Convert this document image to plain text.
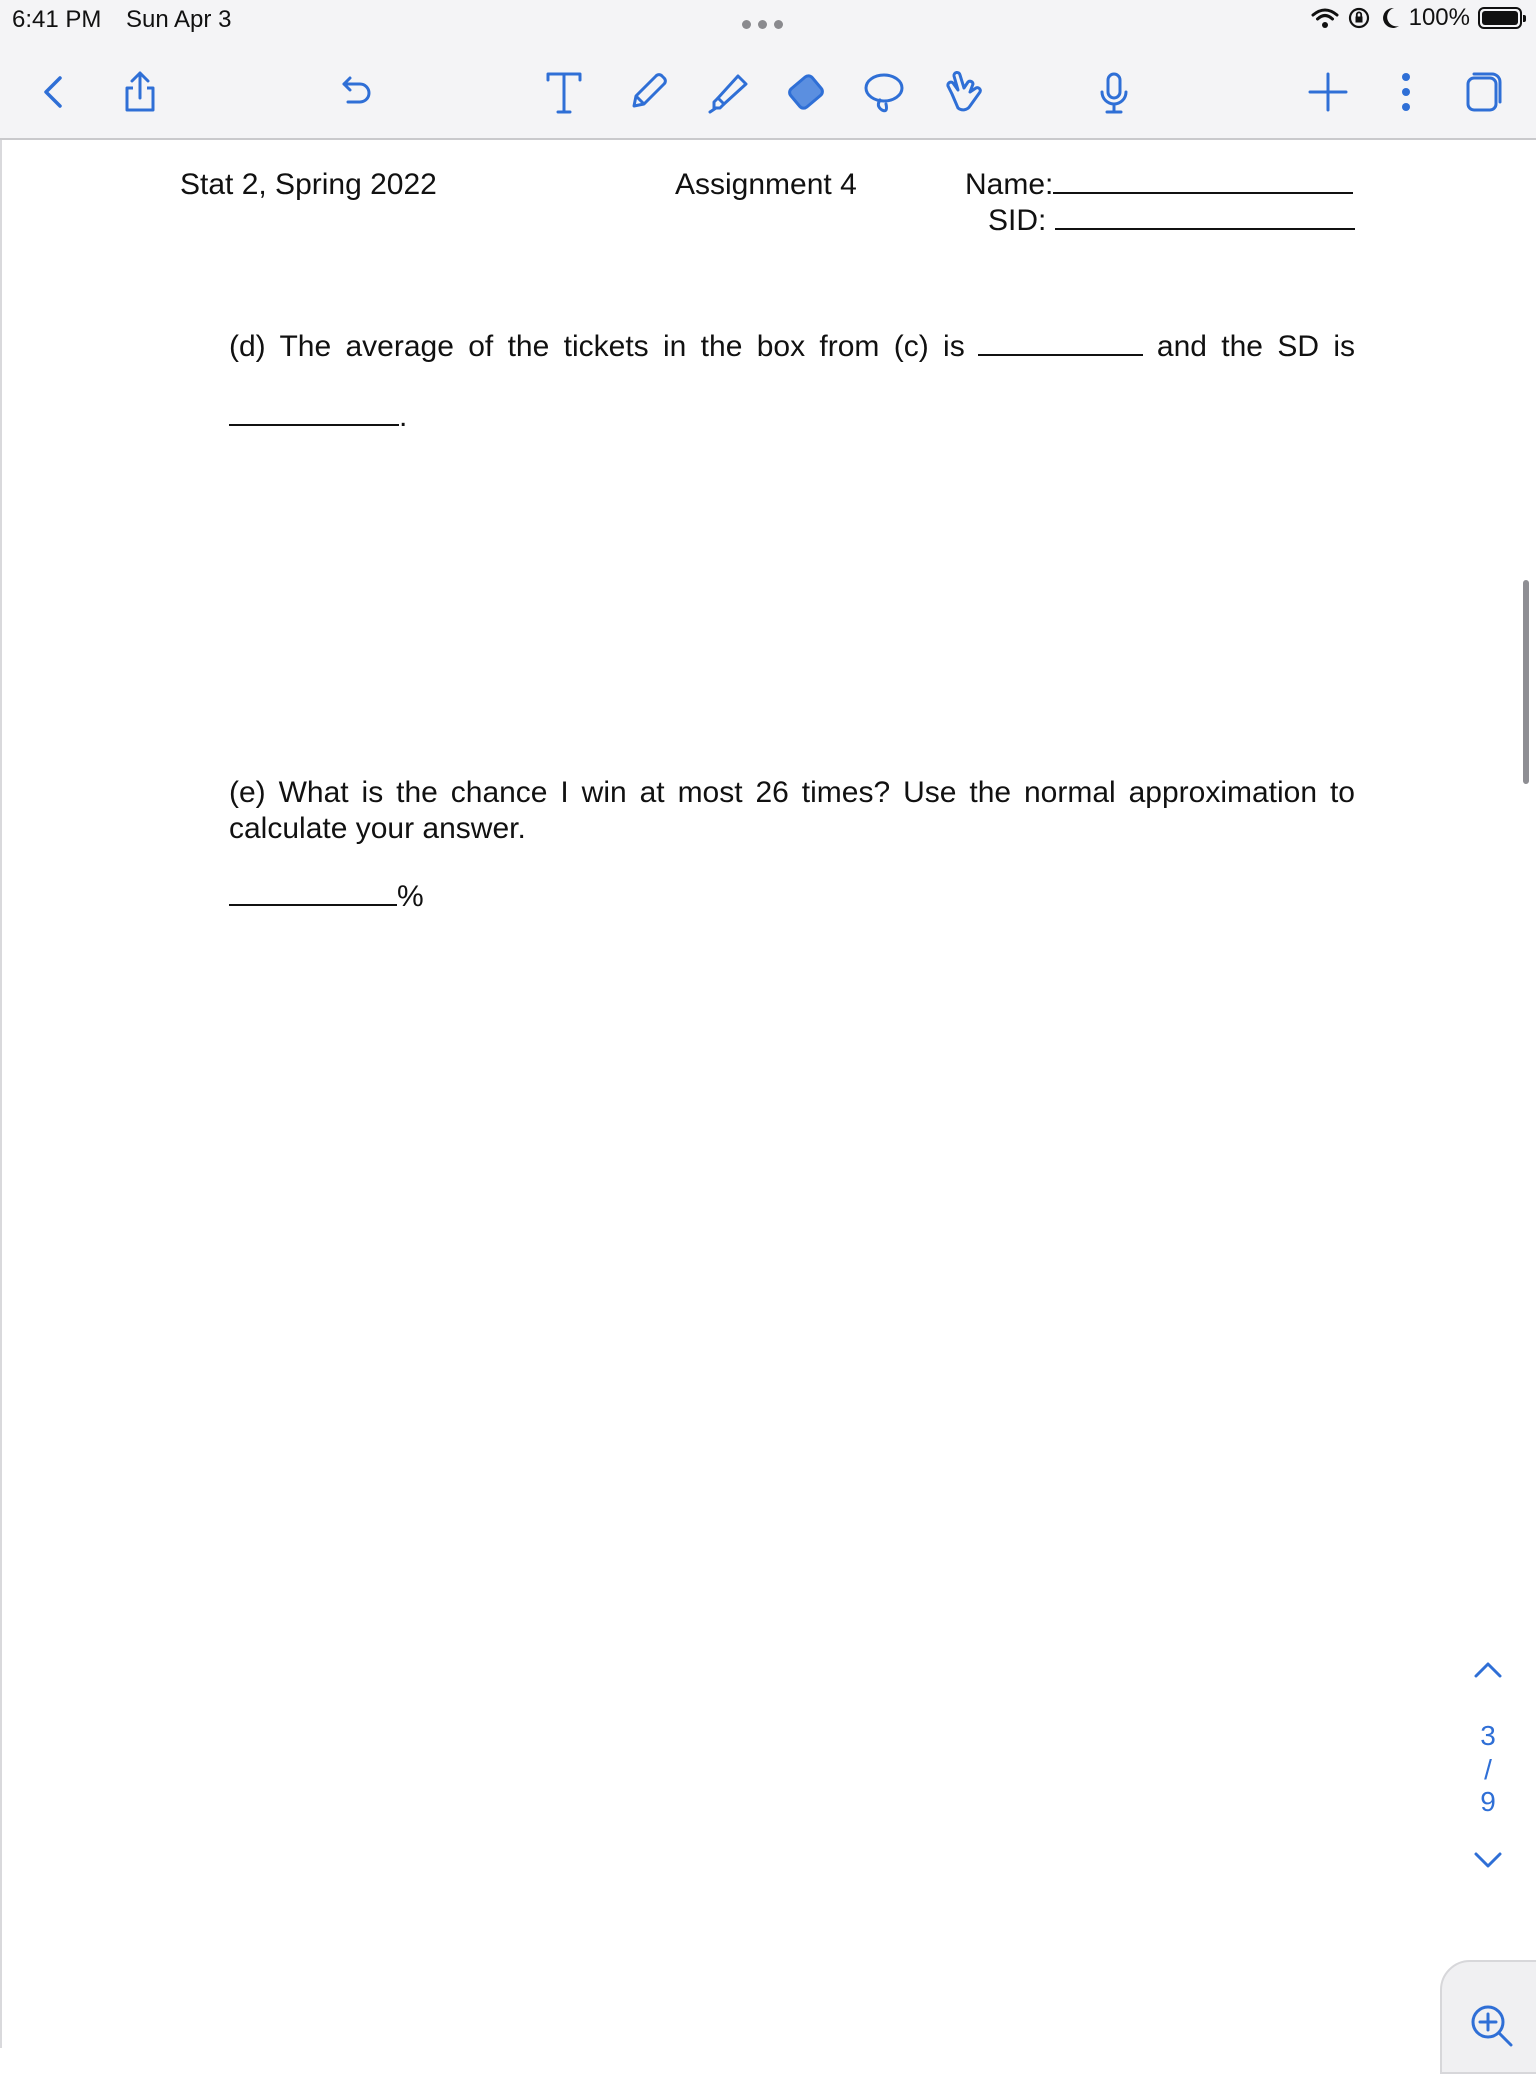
6:41 PM Sun Apr 3	100%
Stat 2, Spring 2022	Assignment 4	Name:
SID:
(d) The average of the tickets in the box from (c) is	and the SD is
.
(e) What is the chance I win at most 26 times? Use the normal approximation to
calculate your answer.
%
3
/
9
